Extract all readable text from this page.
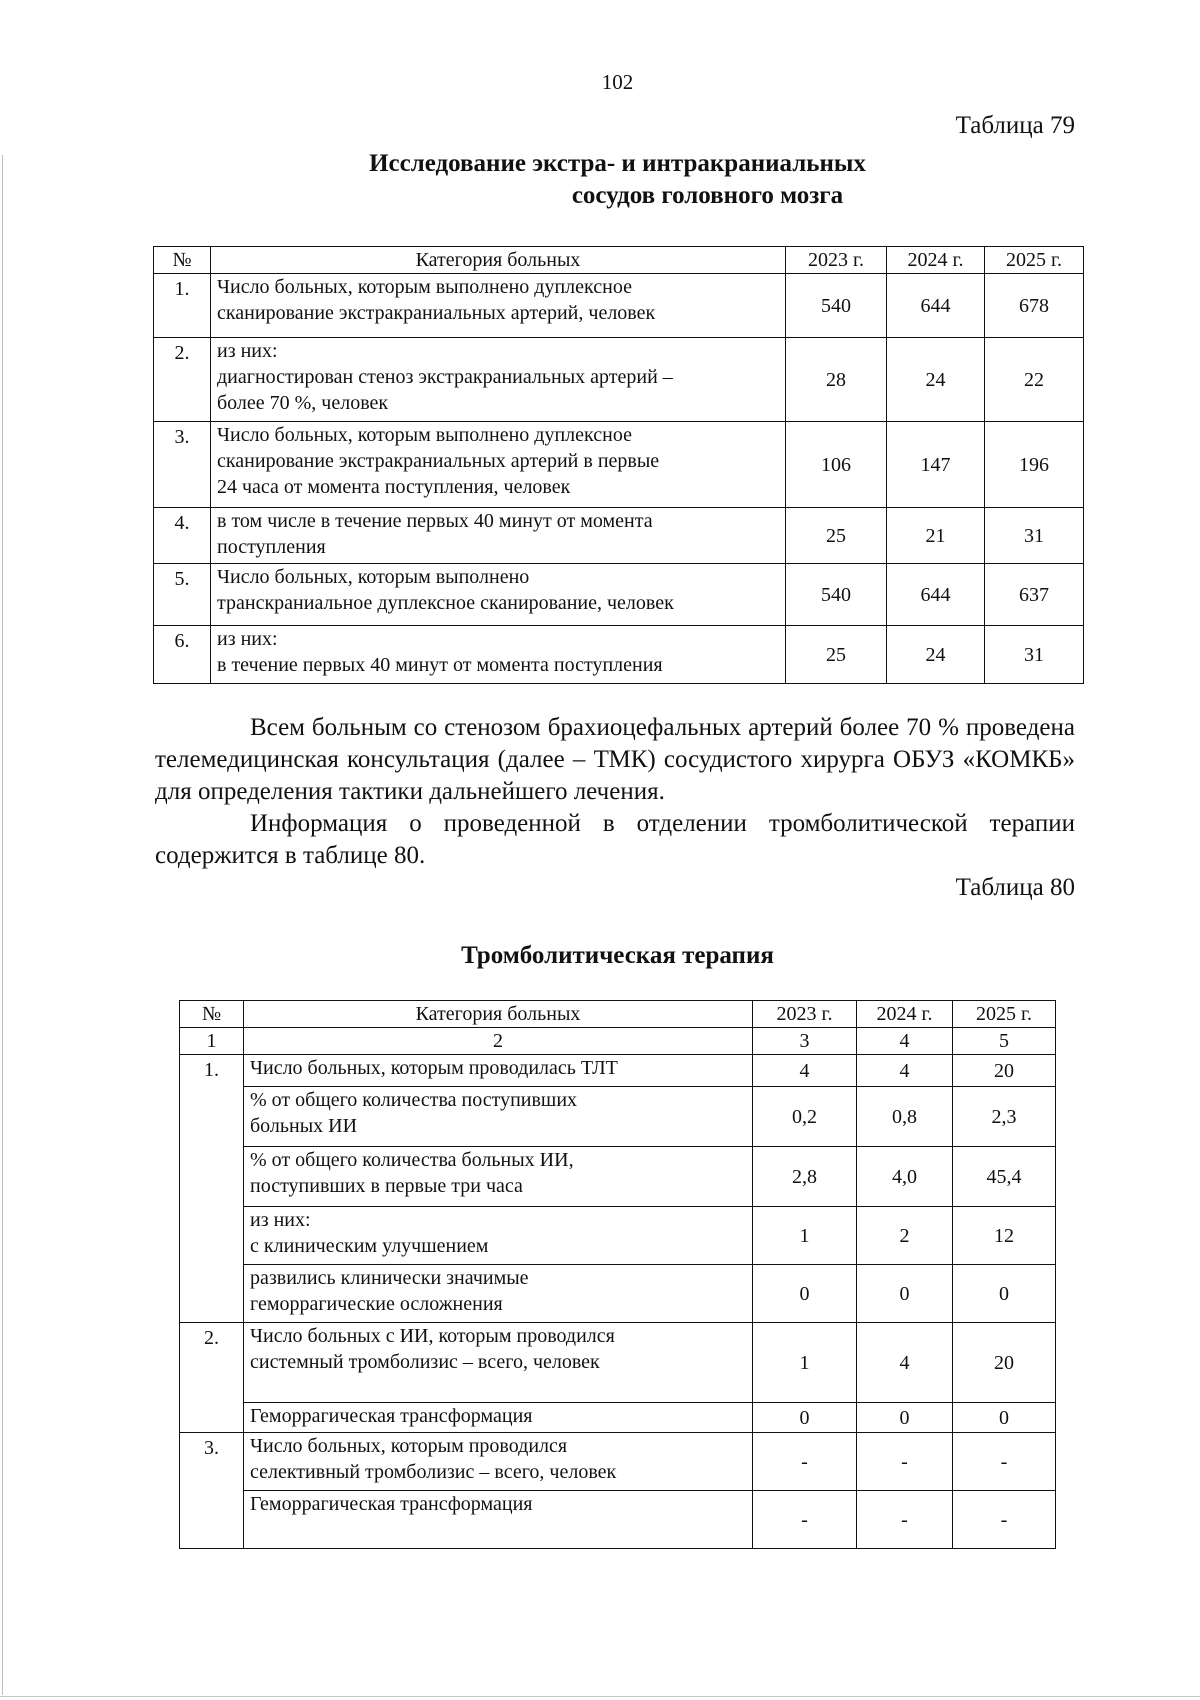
102
Таблица 79
Исследование экстра- и интракраниальных
сосудов головного мозга
№	Категория больных	2023 г.	2024 г.	2025 г.
1.	Число больных, которым выполнено дуплексное
сканирование экстракраниальных артерий, человек	540	644	678
2.	из них:
диагностирован стеноз экстракраниальных артерий –
более 70 %, человек	28	24	22
3.	Число больных, которым выполнено дуплексное
сканирование экстракраниальных артерий в первые
24 часа от момента поступления, человек	106	147	196
4.	в том числе в течение первых 40 минут от момента
поступления	25	21	31
5.	Число больных, которым выполнено
транскраниальное дуплексное сканирование, человек	540	644	637
6.	из них:
в течение первых 40 минут от момента поступления	25	24	31
Всем больным со стенозом брахиоцефальных артерий более 70 % проведена телемедицинская консультация (далее – ТМК) сосудистого хирурга ОБУЗ «КОМКБ» для определения тактики дальнейшего лечения.
Информация о проведенной в отделении тромболитической терапии содержится в таблице 80.
Таблица 80
Тромболитическая терапия
№	Категория больных	2023 г.	2024 г.	2025 г.
1	2	3	4	5
1.	Число больных, которым проводилась ТЛТ	4	4	20
	% от общего количества поступивших
больных ИИ	0,2	0,8	2,3
	% от общего количества больных ИИ,
поступивших в первые три часа	2,8	4,0	45,4
	из них:
с клиническим улучшением	1	2	12
	развились клинически значимые
геморрагические осложнения	0	0	0
2.	Число больных с ИИ, которым проводился
системный тромболизис – всего, человек	1	4	20
	Геморрагическая трансформация	0	0	0
3.	Число больных, которым проводился
селективный тромболизис – всего, человек	-	-	-
	Геморрагическая трансформация	-	-	-
